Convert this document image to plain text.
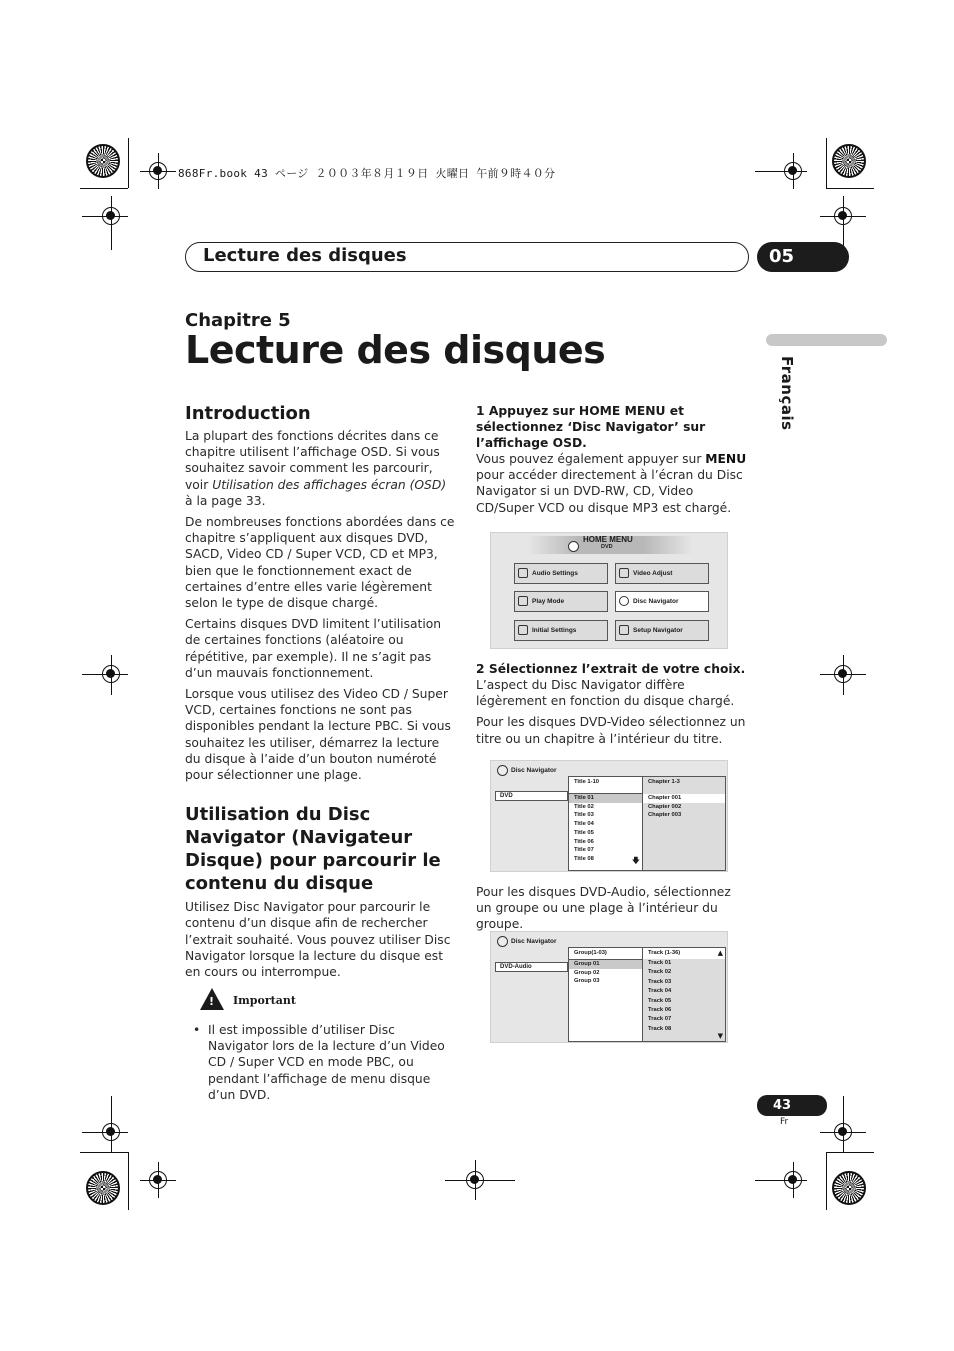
868Fr.book 43 ページ ２００３年８月１９日 火曜日 午前９時４０分
Lecture des disques	05
Français
Chapitre 5
Lecture des disques
Introduction
La plupart des fonctions décrites dans ce chapitre utilisent l’affichage OSD. Si vous souhaitez savoir comment les parcourir, voir Utilisation des affichages écran (OSD) à la page 33.
De nombreuses fonctions abordées dans ce chapitre s’appliquent aux disques DVD, SACD, Video CD / Super VCD, CD et MP3, bien que le fonctionnement exact de certaines d’entre elles varie légèrement selon le type de disque chargé.
Certains disques DVD limitent l’utilisation de certaines fonctions (aléatoire ou répétitive, par exemple). Il ne s’agit pas d’un mauvais fonctionnement.
Lorsque vous utilisez des Video CD / Super VCD, certaines fonctions ne sont pas disponibles pendant la lecture PBC. Si vous souhaitez les utiliser, démarrez la lecture du disque à l’aide d’un bouton numéroté pour sélectionner une plage.
Utilisation du Disc Navigator (Navigateur Disque) pour parcourir le contenu du disque
Utilisez Disc Navigator pour parcourir le contenu d’un disque afin de rechercher l’extrait souhaité. Vous pouvez utiliser Disc Navigator lorsque la lecture du disque est en cours ou interrompue.
! Important
• Il est impossible d’utiliser Disc Navigator lors de la lecture d’un Video CD / Super VCD en mode PBC, ou pendant l’affichage de menu disque d’un DVD.
1 Appuyez sur HOME MENU et sélectionnez ‘Disc Navigator’ sur l’affichage OSD.
Vous pouvez également appuyer sur MENU pour accéder directement à l’écran du Disc Navigator si un DVD-RW, CD, Video CD/Super VCD ou disque MP3 est chargé.
HOME MENU
DVD
Audio Settings	Video Adjust
Play Mode	Disc Navigator
Initial Settings	Setup Navigator
2 Sélectionnez l’extrait de votre choix.
L’aspect du Disc Navigator diffère légèrement en fonction du disque chargé.
Pour les disques DVD-Video sélectionnez un titre ou un chapitre à l’intérieur du titre.
Disc Navigator
DVD
Title 1-10
Title 01
Title 02
Title 03
Title 04
Title 05
Title 06
Title 07
Title 08	🡇
Chapter 1-3
Chapter 001
Chapter 002
Chapter 003
Pour les disques DVD-Audio, sélectionnez un groupe ou une plage à l’intérieur du groupe.
Disc Navigator
DVD-Audio
Group(1-03)
Group 01
Group 02
Group 03
Track (1-36)	▲
Track 01
Track 02
Track 03
Track 04
Track 05
Track 06
Track 07
Track 08
▼
43
Fr
